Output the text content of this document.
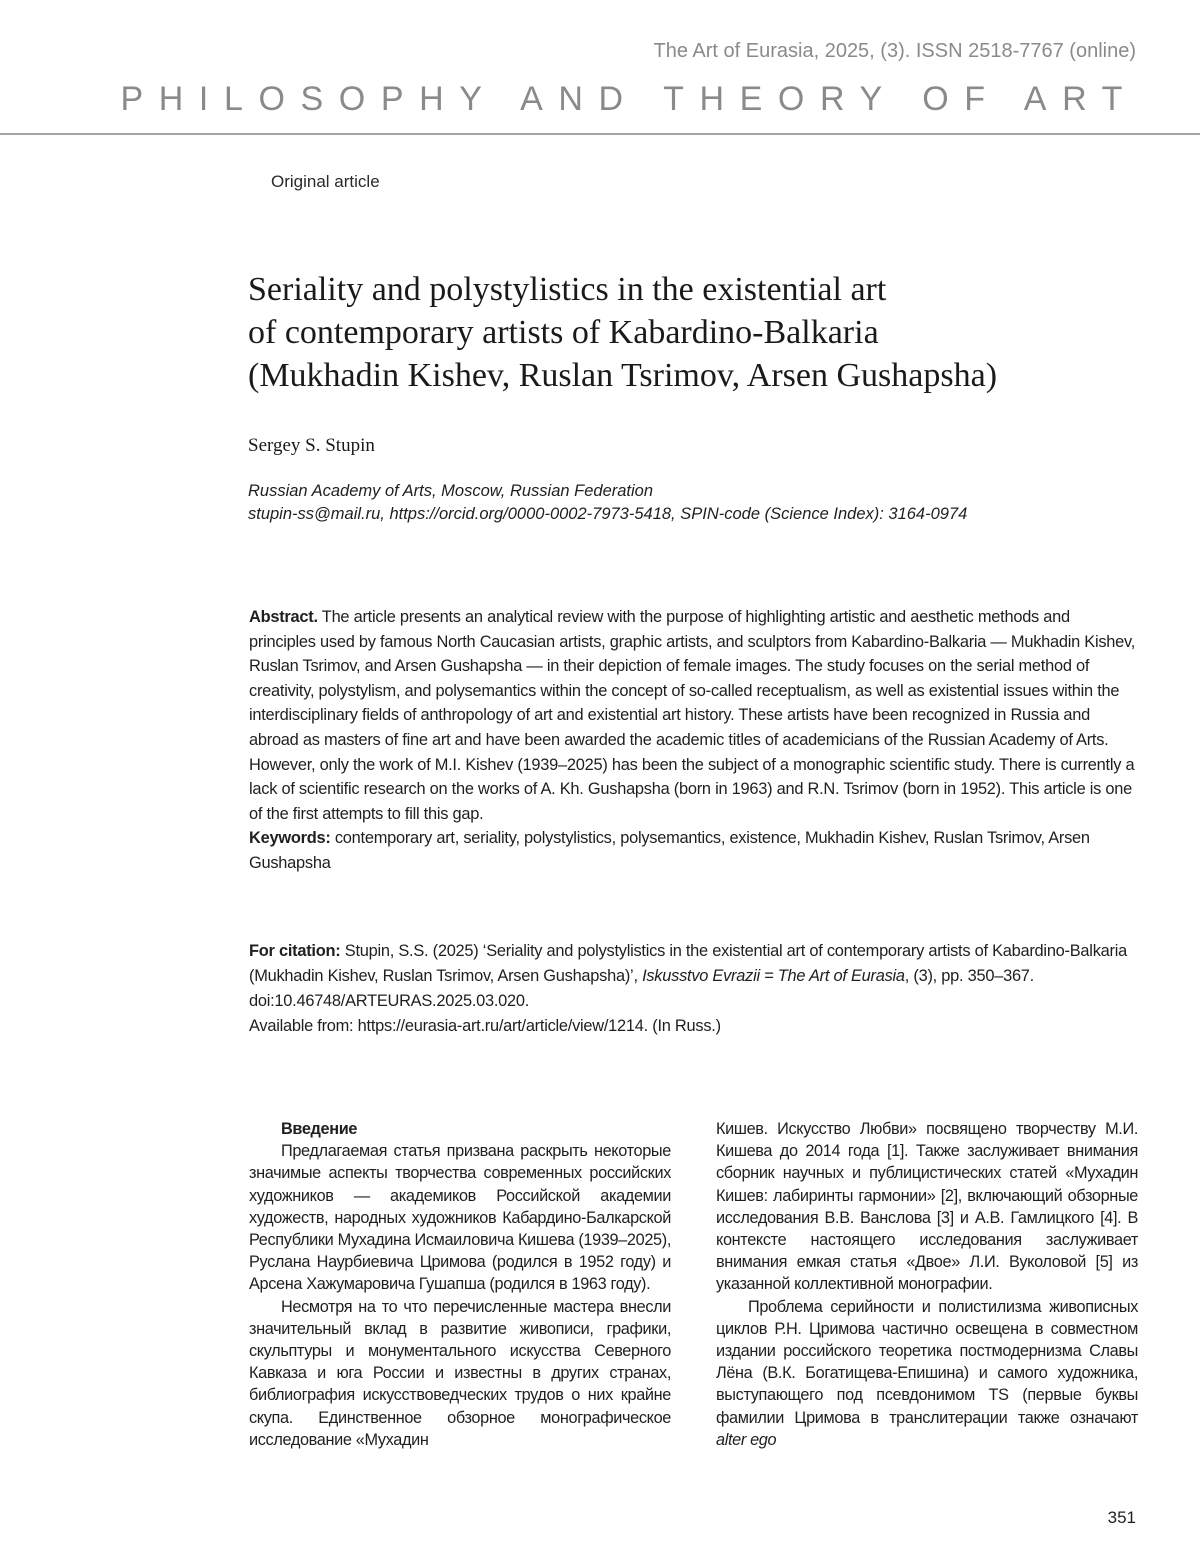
The Art of Eurasia, 2025, (3). ISSN 2518-7767 (online)
PHILOSOPHY AND THEORY OF ART
Original article
Seriality and polystylistics in the existential art
of contemporary artists of Kabardino-Balkaria
(Mukhadin Kishev, Ruslan Tsrimov, Arsen Gushapsha)
Sergey S. Stupin
Russian Academy of Arts, Moscow, Russian Federation
stupin-ss@mail.ru, https://orcid.org/0000-0002-7973-5418, SPIN-code (Science Index): 3164-0974
Abstract. The article presents an analytical review with the purpose of highlighting artistic and aesthetic methods and principles used by famous North Caucasian artists, graphic artists, and sculptors from Kabardino-Balkaria — Mukhadin Kishev, Ruslan Tsrimov, and Arsen Gushapsha — in their depiction of female images. The study focuses on the serial method of creativity, polystylism, and polysemantics within the concept of so-called receptualism, as well as existential issues within the interdisciplinary fields of anthropology of art and existential art history. These artists have been recognized in Russia and abroad as masters of fine art and have been awarded the academic titles of academicians of the Russian Academy of Arts. However, only the work of M.I. Kishev (1939–2025) has been the subject of a monographic scientific study. There is currently a lack of scientific research on the works of A. Kh. Gushapsha (born in 1963) and R.N. Tsrimov (born in 1952). This article is one of the first attempts to fill this gap.
Keywords: contemporary art, seriality, polystylistics, polysemantics, existence, Mukhadin Kishev, Ruslan Tsrimov, Arsen Gushapsha
For citation: Stupin, S.S. (2025) ‘Seriality and polystylistics in the existential art of contemporary artists of Kabardino-Balkaria (Mukhadin Kishev, Ruslan Tsrimov, Arsen Gushapsha)’, Iskusstvo Evrazii = The Art of Eurasia, (3), pp. 350–367. doi:10.46748/ARTEURAS.2025.03.020.
Available from: https://eurasia-art.ru/art/article/view/1214. (In Russ.)
Введение

Предлагаемая статья призвана раскрыть некоторые значимые аспекты творчества современных российских художников — академиков Российской академии художеств, народных художников Кабардино-Балкарской Республики Мухадина Исмаиловича Кишева (1939–2025), Руслана Наурбиевича Цримова (родился в 1952 году) и Арсена Хажумаровича Гушапша (родился в 1963 году).

Несмотря на то что перечисленные мастера внесли значительный вклад в развитие живописи, графики, скульптуры и монументального искусства Северного Кавказа и юга России и известны в других странах, библиография искусствоведческих трудов о них крайне скупа. Единственное обзорное монографическое исследование «Мухадин

Кишев. Искусство Любви» посвящено творчеству М.И. Кишева до 2014 года [1]. Также заслуживает внимания сборник научных и публицистических статей «Мухадин Кишев: лабиринты гармонии» [2], включающий обзорные исследования В.В. Ванслова [3] и А.В. Гамлицкого [4]. В контексте настоящего исследования заслуживает внимания емкая статья «Двое» Л.И. Вуколовой [5] из указанной коллективной монографии.

Проблема серийности и полистилизма живописных циклов Р.Н. Цримова частично освещена в совместном издании российского теоретика постмодернизма Славы Лёна (В.К. Богатищева-Епишина) и самого художника, выступающего под псевдонимом TS (первые буквы фамилии Цримова в транслитерации также означают alter ego

351
